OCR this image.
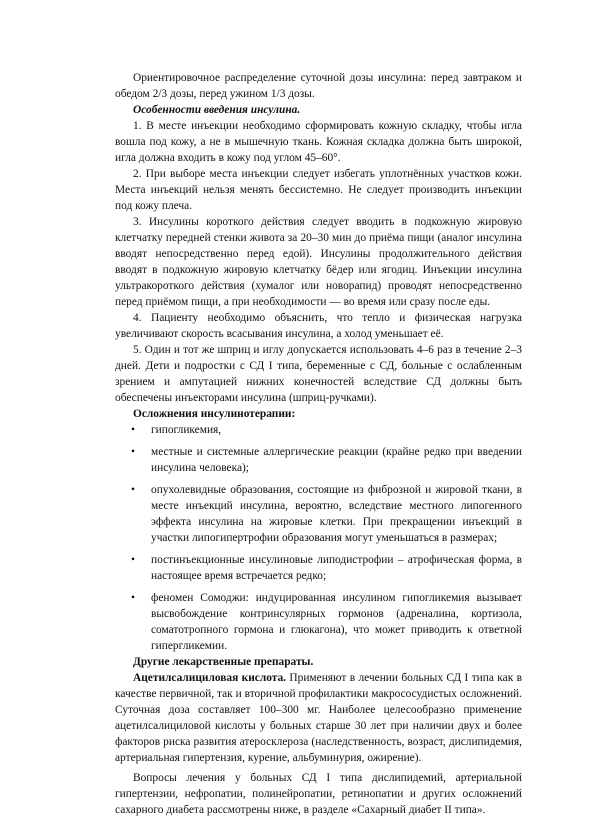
Ориентировочное распределение суточной дозы инсулина: перед завтраком и обедом 2/3 дозы, перед ужином 1/3 дозы.

Особенности введения инсулина.

1. В месте инъекции необходимо сформировать кожную складку, чтобы игла вошла под кожу, а не в мышечную ткань. Кожная складка должна быть широкой, игла должна входить в кожу под углом 45–60°.

2. При выборе места инъекции следует избегать уплотнённых участков кожи. Места инъекций нельзя менять бессистемно. Не следует производить инъекции под кожу плеча.

3. Инсулины короткого действия следует вводить в подкожную жировую клетчатку передней стенки живота за 20–30 мин до приёма пищи (аналог инсулина вводят непосредственно перед едой). Инсулины продолжительного действия вводят в подкожную жировую клетчатку бёдер или ягодиц. Инъекции инсулина ультракороткого действия (хумалог или новорапид) проводят непосредственно перед приёмом пищи, а при необходимости — во время или сразу после еды.

4. Пациенту необходимо объяснить, что тепло и физическая нагрузка увеличивают скорость всасывания инсулина, а холод уменьшает её.

5. Один и тот же шприц и иглу допускается использовать 4–6 раз в течение 2–3 дней. Дети и подростки с СД I типа, беременные с СД, больные с ослабленным зрением и ампутацией нижних конечностей вследствие СД должны быть обеспечены инъекторами инсулина (шприц-ручками).

Осложнения инсулинотерапии:

• гипогликемия,
• местные и системные аллергические реакции (крайне редко при введении инсулина человека);
• опухолевидные образования, состоящие из фиброзной и жировой ткани, в месте инъекций инсулина, вероятно, вследствие местного липогенного эффекта инсулина на жировые клетки. При прекращении инъекций в участки липогипертрофии образования могут уменьшаться в размерах;
• постинъекционные инсулиновые липодистрофии – атрофическая форма, в настоящее время встречается редко;
• феномен Сомоджи: индуцированная инсулином гипогликемия вызывает высвобождение контринсулярных гормонов (адреналина, кортизола, соматотропного гормона и глюкагона), что может приводить к ответной гипергликемии.

Другие лекарственные препараты.

Ацетилсалициловая кислота. Применяют в лечении больных СД I типа как в качестве первичной, так и вторичной профилактики макрососудистых осложнений. Суточная доза составляет 100–300 мг. Наиболее целесообразно применение ацетилсалициловой кислоты у больных старше 30 лет при наличии двух и более факторов риска развития атеросклероза (наследственность, возраст, дислипидемия, артериальная гипертензия, курение, альбуминурия, ожирение).

Вопросы лечения у больных СД I типа дислипидемий, артериальной гипертензии, нефропатии, полинейропатии, ретинопатии и других осложнений сахарного диабета рассмотрены ниже, в разделе «Сахарный диабет II типа».
